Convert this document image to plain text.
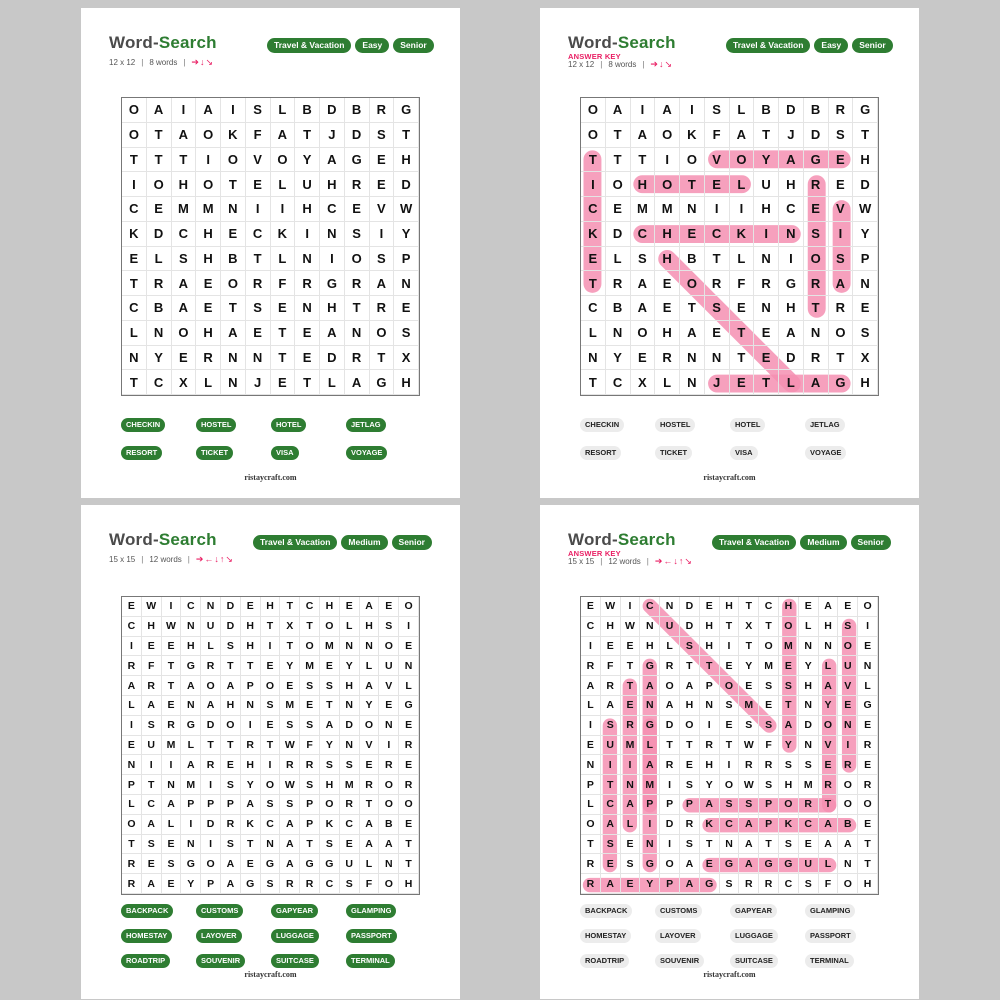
Word-Search	Travel & Vacation	Easy	Senior
12 x 12 | 8 words | ➔↓↘
O	A	I	A	I	S	L	B	D	B	R	G
O	T	A	O	K	F	A	T	J	D	S	T
T	T	T	I	O	V	O	Y	A	G	E	H
I	O	H	O	T	E	L	U	H	R	E	D
C	E	M	M	N	I	I	H	C	E	V	W
K	D	C	H	E	C	K	I	N	S	I	Y
E	L	S	H	B	T	L	N	I	O	S	P
T	R	A	E	O	R	F	R	G	R	A	N
C	B	A	E	T	S	E	N	H	T	R	E
L	N	O	H	A	E	T	E	A	N	O	S
N	Y	E	R	N	N	T	E	D	R	T	X
T	C	X	L	N	J	E	T	L	A	G	H
CHECKIN	HOSTEL	HOTEL	JETLAG
RESORT	TICKET	VISA	VOYAGE
ristaycraft.com
Word-Search	Travel & Vacation	Easy	Senior
ANSWER KEY
12 x 12 | 8 words | ➔↓↘
O	A	I	A	I	S	L	B	D	B	R	G
O	T	A	O	K	F	A	T	J	D	S	T
T	T	T	I	O	V	O	Y	A	G	E	H
I	O	H	O	T	E	L	U	H	R	E	D
C	E	M	M	N	I	I	H	C	E	V	W
K	D	C	H	E	C	K	I	N	S	I	Y
E	L	S	H	B	T	L	N	I	O	S	P
T	R	A	E	O	R	F	R	G	R	A	N
C	B	A	E	T	S	E	N	H	T	R	E
L	N	O	H	A	E	T	E	A	N	O	S
N	Y	E	R	N	N	T	E	D	R	T	X
T	C	X	L	N	J	E	T	L	A	G	H
CHECKIN	HOSTEL	HOTEL	JETLAG
RESORT	TICKET	VISA	VOYAGE
ristaycraft.com
Word-Search	Travel & Vacation	Medium	Senior
15 x 15 | 12 words | ➔←↓↑↘
E	W	I	C	N	D	E	H	T	C	H	E	A	E	O
C	H	W	N	U	D	H	T	X	T	O	L	H	S	I
I	E	E	H	L	S	H	I	T	O	M	N	N	O	E
R	F	T	G	R	T	T	E	Y	M	E	Y	L	U	N
A	R	T	A	O	A	P	O	E	S	S	H	A	V	L
L	A	E	N	A	H	N	S	M	E	T	N	Y	E	G
I	S	R	G	D	O	I	E	S	S	A	D	O	N	E
E	U	M	L	T	T	R	T	W	F	Y	N	V	I	R
N	I	I	A	R	E	H	I	R	R	S	S	E	R	E
P	T	N	M	I	S	Y	O	W	S	H	M	R	O	R
L	C	A	P	P	P	A	S	S	P	O	R	T	O	O
O	A	L	I	D	R	K	C	A	P	K	C	A	B	E
T	S	E	N	I	S	T	N	A	T	S	E	A	A	T
R	E	S	G	O	A	E	G	A	G	G	U	L	N	T
R	A	E	Y	P	A	G	S	R	R	C	S	F	O	H
BACKPACK	CUSTOMS	GAPYEAR	GLAMPING
HOMESTAY	LAYOVER	LUGGAGE	PASSPORT
ROADTRIP	SOUVENIR	SUITCASE	TERMINAL
ristaycraft.com
Word-Search	Travel & Vacation	Medium	Senior
ANSWER KEY
15 x 15 | 12 words | ➔←↓↑↘
E	W	I	C	N	D	E	H	T	C	H	E	A	E	O
C	H	W	N	U	D	H	T	X	T	O	L	H	S	I
I	E	E	H	L	S	H	I	T	O	M	N	N	O	E
R	F	T	G	R	T	T	E	Y	M	E	Y	L	U	N
A	R	T	A	O	A	P	O	E	S	S	H	A	V	L
L	A	E	N	A	H	N	S	M	E	T	N	Y	E	G
I	S	R	G	D	O	I	E	S	S	A	D	O	N	E
E	U	M	L	T	T	R	T	W	F	Y	N	V	I	R
N	I	I	A	R	E	H	I	R	R	S	S	E	R	E
P	T	N	M	I	S	Y	O	W	S	H	M	R	O	R
L	C	A	P	P	P	A	S	S	P	O	R	T	O	O
O	A	L	I	D	R	K	C	A	P	K	C	A	B	E
T	S	E	N	I	S	T	N	A	T	S	E	A	A	T
R	E	S	G	O	A	E	G	A	G	G	U	L	N	T
R	A	E	Y	P	A	G	S	R	R	C	S	F	O	H
BACKPACK	CUSTOMS	GAPYEAR	GLAMPING
HOMESTAY	LAYOVER	LUGGAGE	PASSPORT
ROADTRIP	SOUVENIR	SUITCASE	TERMINAL
ristaycraft.com
